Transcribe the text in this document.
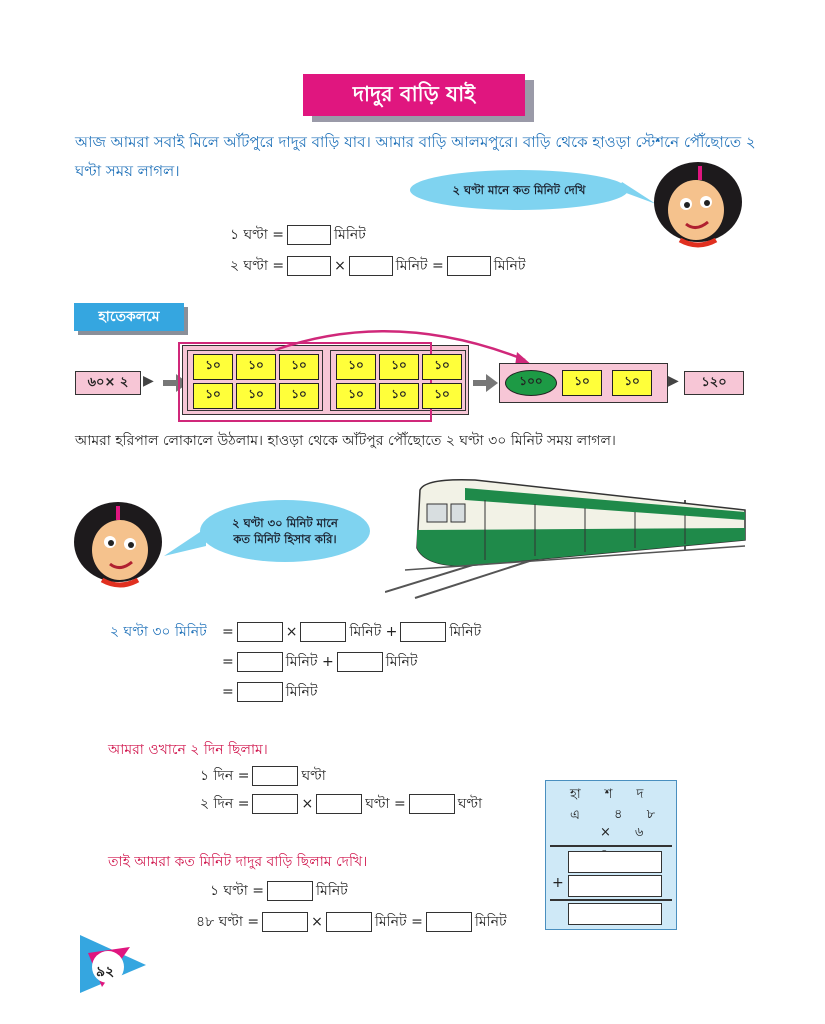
দাদুর বাড়ি যাই
আজ আমরা সবাই মিলে আঁটপুরে দাদুর বাড়ি যাব। আমার বাড়ি আলমপুরে। বাড়ি থেকে হাওড়া স্টেশনে পৌঁছোতে ২ ঘণ্টা সময় লাগল।
২ ঘণ্টা মানে কত মিনিট দেখি
১ ঘণ্টা =	মিনিট
২ ঘণ্টা =	×	মিনিট =	মিনিট
হাতেকলমে
৬০× ২	▶
১০	১০	১০
১০	১০	১০
১০	১০	১০
১০	১০	১০
১০০	১০	১০	▶	১২০
আমরা হরিপাল লোকালে উঠলাম। হাওড়া থেকে আঁটপুর পৌঁছোতে ২ ঘণ্টা ৩০ মিনিট সময় লাগল।
২ ঘণ্টা ৩০ মিনিট মানে
কত মিনিট হিসাব করি।
২ ঘণ্টা ৩০ মিনিট =	×	মিনিট +	মিনিট
=	মিনিট +	মিনিট
=	মিনিট
আমরা ওখানে ২ দিন ছিলাম।
১ দিন =	ঘণ্টা
২ দিন =	×	ঘণ্টা =	ঘণ্টা
তাই আমরা কত মিনিট দাদুর বাড়ি ছিলাম দেখি।
১ ঘণ্টা =	মিনিট
৪৮ ঘণ্টা =	×	মিনিট =	মিনিট
হা শ দ এ	৪ ৮
× ৬
+
৯২
